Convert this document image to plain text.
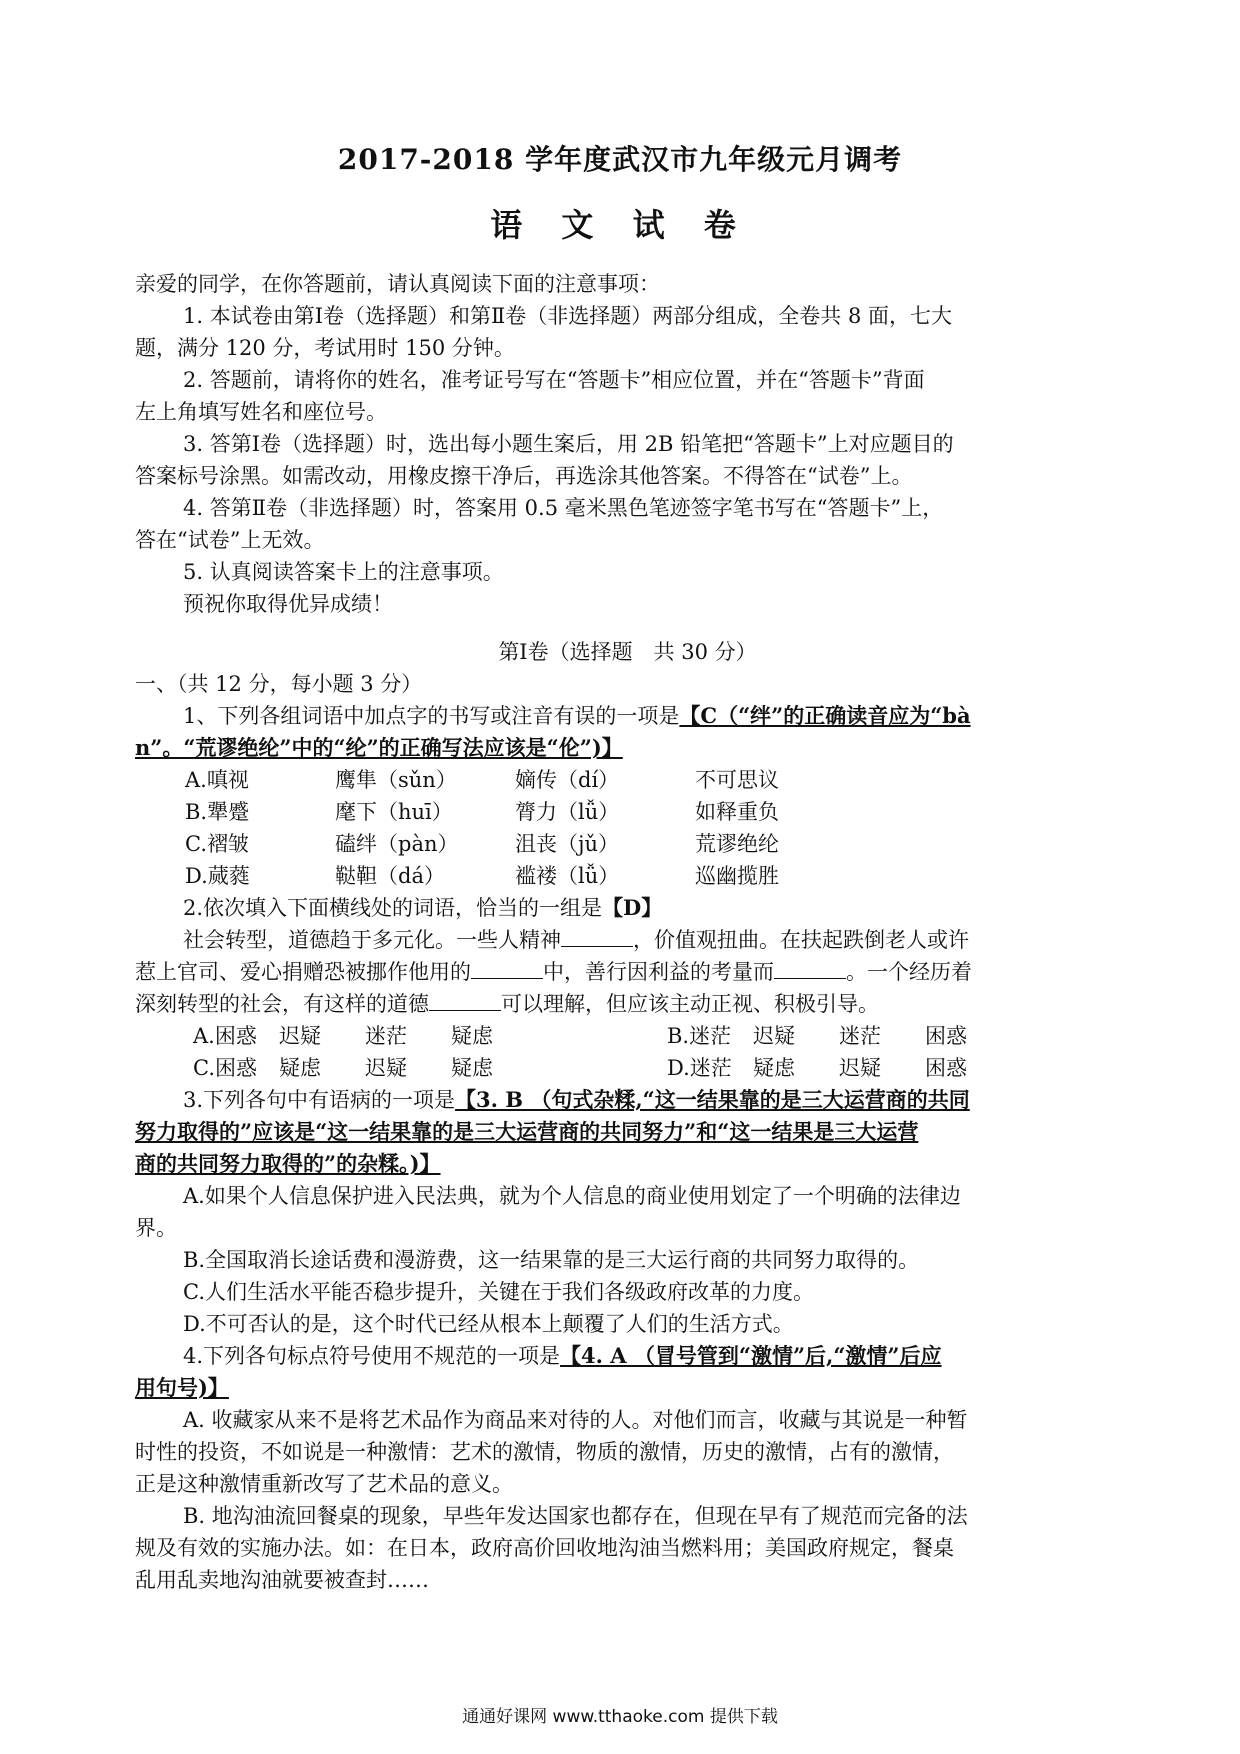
2017-2018 学年度武汉市九年级元月调考
语 文 试 卷

亲爱的同学，在你答题前，请认真阅读下面的注意事项：

1. 本试卷由第Ⅰ卷（选择题）和第Ⅱ卷（非选择题）两部分组成，全卷共 8 面，七大

题，满分 120 分，考试用时 150 分钟。

2. 答题前，请将你的姓名，准考证号写在“答题卡”相应位置，并在“答题卡”背面

左上角填写姓名和座位号。

3. 答第Ⅰ卷（选择题）时，选出每小题生案后，用 2B 铅笔把“答题卡”上对应题目的

答案标号涂黑。如需改动，用橡皮擦干净后，再选涂其他答案。不得答在“试卷”上。

4. 答第Ⅱ卷（非选择题）时，答案用 0.5 毫米黑色笔迹签字笔书写在“答题卡”上，

答在“试卷”上无效。

5. 认真阅读答案卡上的注意事项。

预祝你取得优异成绩！

第Ⅰ卷（选择题　共 30 分）

一、（共 12 分，每小题 3 分）

1、下列各组词语中加点字的书写或注音有误的一项是【C（“绊”的正确读音应为“bà

n”。“荒谬绝纶”中的“纶”的正确写法应该是“伦”)】

A.嗔视	鹰隼（sǔn）	嫡传（dí）	不可思议
B.犟蹙	麾下（huī）	膂力（lǚ）	如释重负
C.褶皱	磕绊（pàn）	沮丧（jǔ）	荒谬绝纶
D.蒇蕤	鞑靼（dá）	褴褛（lǚ）	巡幽揽胜

2.依次填入下面横线处的词语，恰当的一组是【D】

社会转型，道德趋于多元化。一些人精神	，价值观扭曲。在扶起跌倒老人或许

惹上官司、爱心捐赠恐被挪作他用的	中，善行因利益的考量而	。一个经历着

深刻转型的社会，有这样的道德	可以理解，但应该主动正视、积极引导。

A.困惑	迟疑	迷茫	疑虑	B.迷茫	迟疑	迷茫	困惑
C.困惑	疑虑	迟疑	疑虑	D.迷茫	疑虑	迟疑	困惑

3.下列各句中有语病的一项是【3. B （句式杂糅,“这一结果靠的是三大运营商的共同

努力取得的”应该是“这一结果靠的是三大运营商的共同努力”和“这一结果是三大运营

商的共同努力取得的”的杂糅。)】

A.如果个人信息保护进入民法典，就为个人信息的商业使用划定了一个明确的法律边

界。

B.全国取消长途话费和漫游费，这一结果靠的是三大运行商的共同努力取得的。

C.人们生活水平能否稳步提升，关键在于我们各级政府改革的力度。

D.不可否认的是，这个时代已经从根本上颠覆了人们的生活方式。

4.下列各句标点符号使用不规范的一项是【4. A （冒号管到“激情”后,“激情”后应

用句号)】

A. 收藏家从来不是将艺术品作为商品来对待的人。对他们而言，收藏与其说是一种暂

时性的投资，不如说是一种激情：艺术的激情，物质的激情，历史的激情，占有的激情，

正是这种激情重新改写了艺术品的意义。

B. 地沟油流回餐桌的现象，早些年发达国家也都存在，但现在早有了规范而完备的法

规及有效的实施办法。如：在日本，政府高价回收地沟油当燃料用；美国政府规定，餐桌

乱用乱卖地沟油就要被查封……

通通好课网 www.tthaoke.com 提供下载
